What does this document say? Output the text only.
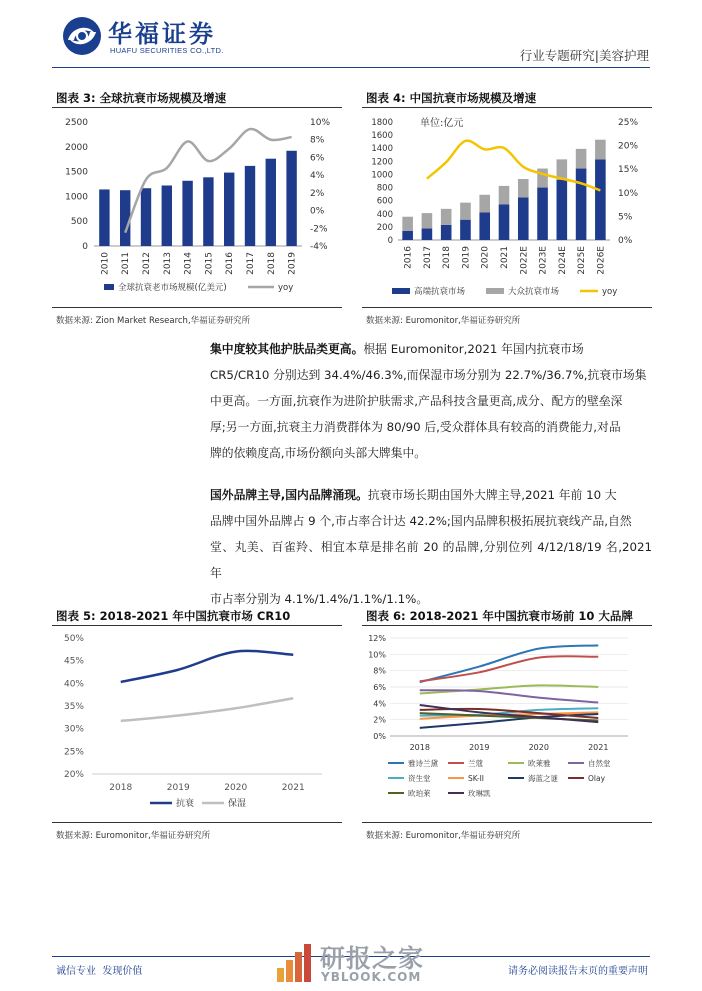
华福证券
HUAFU SECURITIES CO.,LTD.	行业专题研究|美容护理
图表 3: 全球抗衰市场规模及增速
0
500
1000
1500
2000
2500
-4%
-2%
0%
2%
4%
6%
8%
10%
2010 2011 2012 2013 2014 2015 2016 2017 2018 2019
全球抗衰老市场规模(亿美元)	yoy
数据来源: Zion Market Research,华福证券研究所
图表 4: 中国抗衰市场规模及增速
0
200
400
600
800
1000
1200
1400
1600
1800
0%
5%
10%
15%
20%
25%
2016 2017 2018 2019 2020 2021 2022E 2023E 2024E 2025E 2026E
单位:亿元
高端抗衰市场	大众抗衰市场	yoy
数据来源: Euromonitor,华福证券研究所
集中度较其他护肤品类更高。根据 Euromonitor,2021 年国内抗衰市场
CR5/CR10 分别达到 34.4%/46.3%,而保湿市场分别为 22.7%/36.7%,抗衰市场集
中更高。一方面,抗衰作为进阶护肤需求,产品科技含量更高,成分、配方的壁垒深
厚;另一方面,抗衰主力消费群体为 80/90 后,受众群体具有较高的消费能力,对品
牌的依赖度高,市场份额向头部大牌集中。
国外品牌主导,国内品牌涌现。抗衰市场长期由国外大牌主导,2021 年前 10 大
品牌中国外品牌占 9 个,市占率合计达 42.2%;国内品牌积极拓展抗衰线产品,自然
堂、丸美、百雀羚、相宜本草是排名前 20 的品牌,分别位列 4/12/18/19 名,2021 年
市占率分别为 4.1%/1.4%/1.1%/1.1%。
图表 5: 2018-2021 年中国抗衰市场 CR10
20%
25%
30%
35%
40%
45%
50%
2018	2019	2020	2021
抗衰	保湿
数据来源: Euromonitor,华福证券研究所
图表 6: 2018-2021 年中国抗衰市场前 10 大品牌
0%
2%
4%
6%
8%
10%
12%
2018	2019	2020	2021
雅诗兰黛	兰蔻	欧莱雅	自然堂
资生堂	SK-II	海蓝之谜	Olay
欧珀莱	玫琳凯
数据来源: Euromonitor,华福证券研究所
诚信专业  发现价值	研报之家
YBLOOK.COM	请务必阅读报告末页的重要声明
